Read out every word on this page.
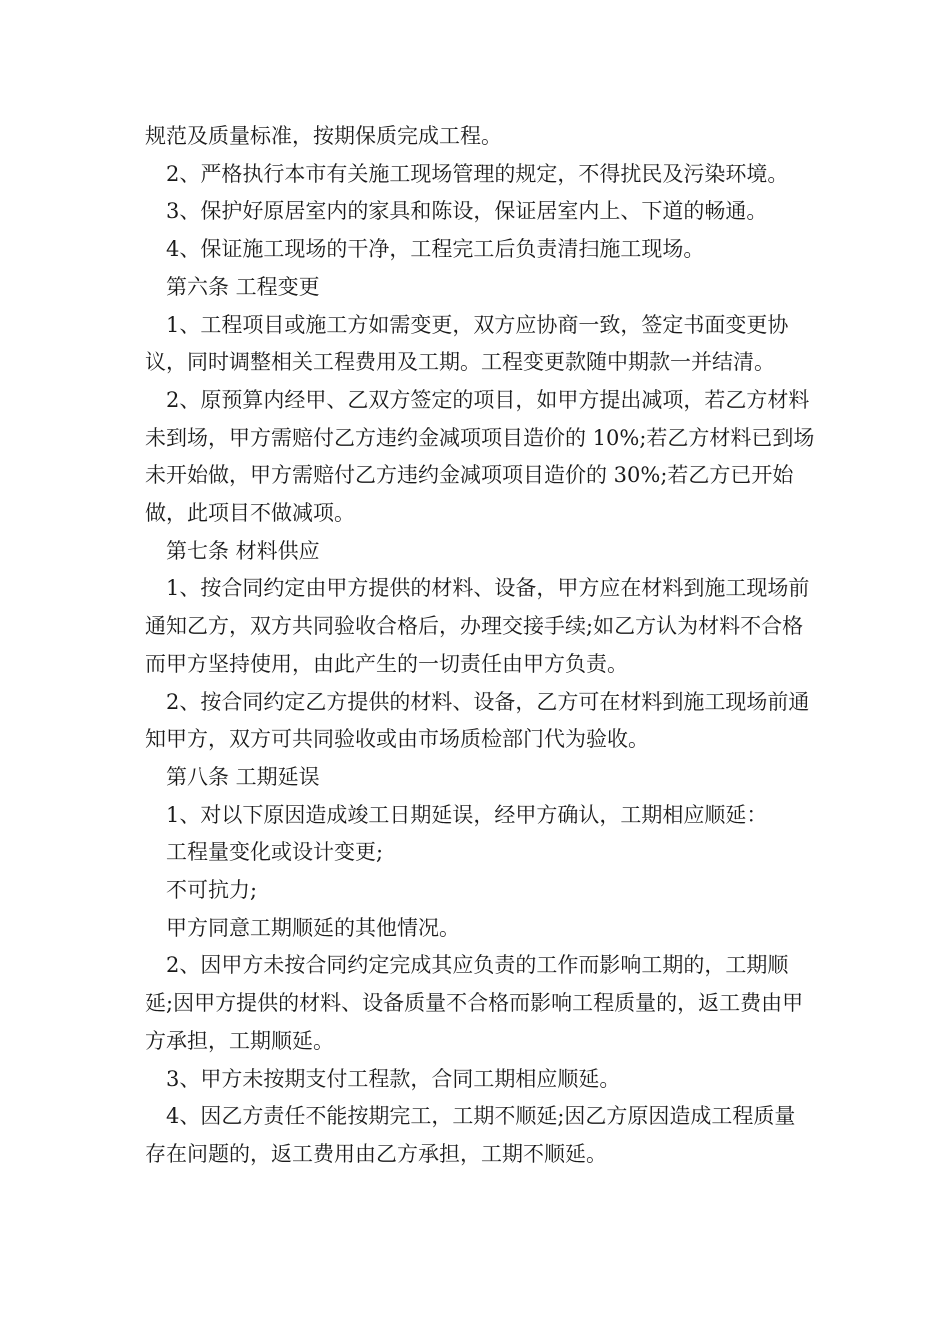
规范及质量标准，按期保质完成工程。

2、严格执行本市有关施工现场管理的规定，不得扰民及污染环境。

3、保护好原居室内的家具和陈设，保证居室内上、下道的畅通。

4、保证施工现场的干净，工程完工后负责清扫施工现场。

第六条 工程变更

1、工程项目或施工方如需变更，双方应协商一致，签定书面变更协议，同时调整相关工程费用及工期。工程变更款随中期款一并结清。

2、原预算内经甲、乙双方签定的项目，如甲方提出减项，若乙方材料未到场，甲方需赔付乙方违约金减项项目造价的 10%;若乙方材料已到场未开始做，甲方需赔付乙方违约金减项项目造价的 30%;若乙方已开始做，此项目不做减项。

第七条 材料供应

1、按合同约定由甲方提供的材料、设备，甲方应在材料到施工现场前通知乙方，双方共同验收合格后，办理交接手续;如乙方认为材料不合格而甲方坚持使用，由此产生的一切责任由甲方负责。

2、按合同约定乙方提供的材料、设备，乙方可在材料到施工现场前通知甲方，双方可共同验收或由市场质检部门代为验收。

第八条 工期延误

1、对以下原因造成竣工日期延误，经甲方确认，工期相应顺延：

工程量变化或设计变更;

不可抗力;

甲方同意工期顺延的其他情况。

2、因甲方未按合同约定完成其应负责的工作而影响工期的，工期顺延;因甲方提供的材料、设备质量不合格而影响工程质量的，返工费由甲方承担，工期顺延。

3、甲方未按期支付工程款，合同工期相应顺延。

4、因乙方责任不能按期完工，工期不顺延;因乙方原因造成工程质量存在问题的，返工费用由乙方承担，工期不顺延。
